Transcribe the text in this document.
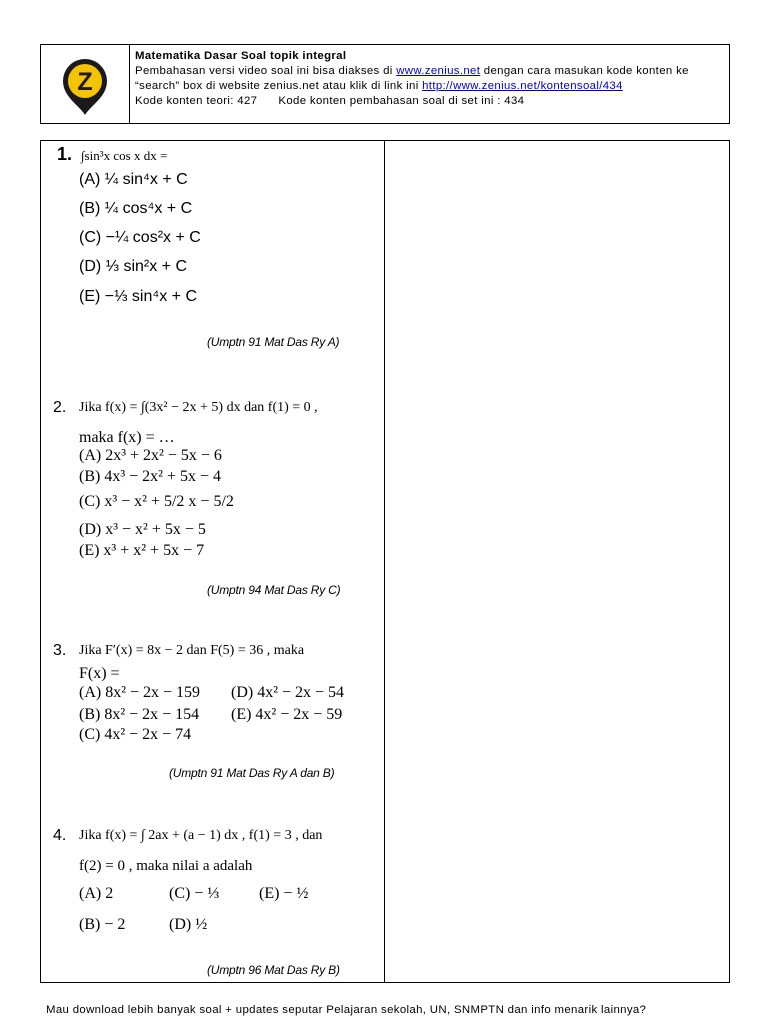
Z
Matematika Dasar Soal topik integral
Pembahasan versi video soal ini bisa diakses di www.zenius.net dengan cara masukan kode konten ke
“search” box di website zenius.net atau klik di link ini http://www.zenius.net/kontensoal/434
Kode konten teori: 427      Kode konten pembahasan soal di set ini : 434
1. ∫sin³x cos x dx =
(A) ¼ sin⁴x + C
(B) ¼ cos⁴x + C
(C) −¼ cos²x + C
(D) ⅓ sin²x + C
(E) −⅓ sin⁴x + C
(Umptn 91 Mat Das Ry A)
2. Jika f(x) = ∫(3x² − 2x + 5) dx dan f(1) = 0 ,
maka f(x) = …
(A) 2x³ + 2x² − 5x − 6
(B) 4x³ − 2x² + 5x − 4
(C) x³ − x² + 5/2 x − 5/2
(D) x³ − x² + 5x − 5
(E) x³ + x² + 5x − 7
(Umptn 94 Mat Das Ry C)
3. Jika F′(x) = 8x − 2 dan F(5) = 36 , maka
F(x) =
(A) 8x² − 2x − 159
(B) 8x² − 2x − 154
(C) 4x² − 2x − 74
(D) 4x² − 2x − 54
(E) 4x² − 2x − 59
(Umptn 91 Mat Das Ry A dan B)
4. Jika f(x) = ∫ 2ax + (a − 1) dx , f(1) = 3 , dan
f(2) = 0 , maka nilai a adalah
(A) 2
(B) − 2
(C) − ⅓
(D) ½
(E) − ½
(Umptn 96 Mat Das Ry B)
Mau download lebih banyak soal + updates seputar Pelajaran sekolah, UN, SNMPTN dan info menarik lainnya?
